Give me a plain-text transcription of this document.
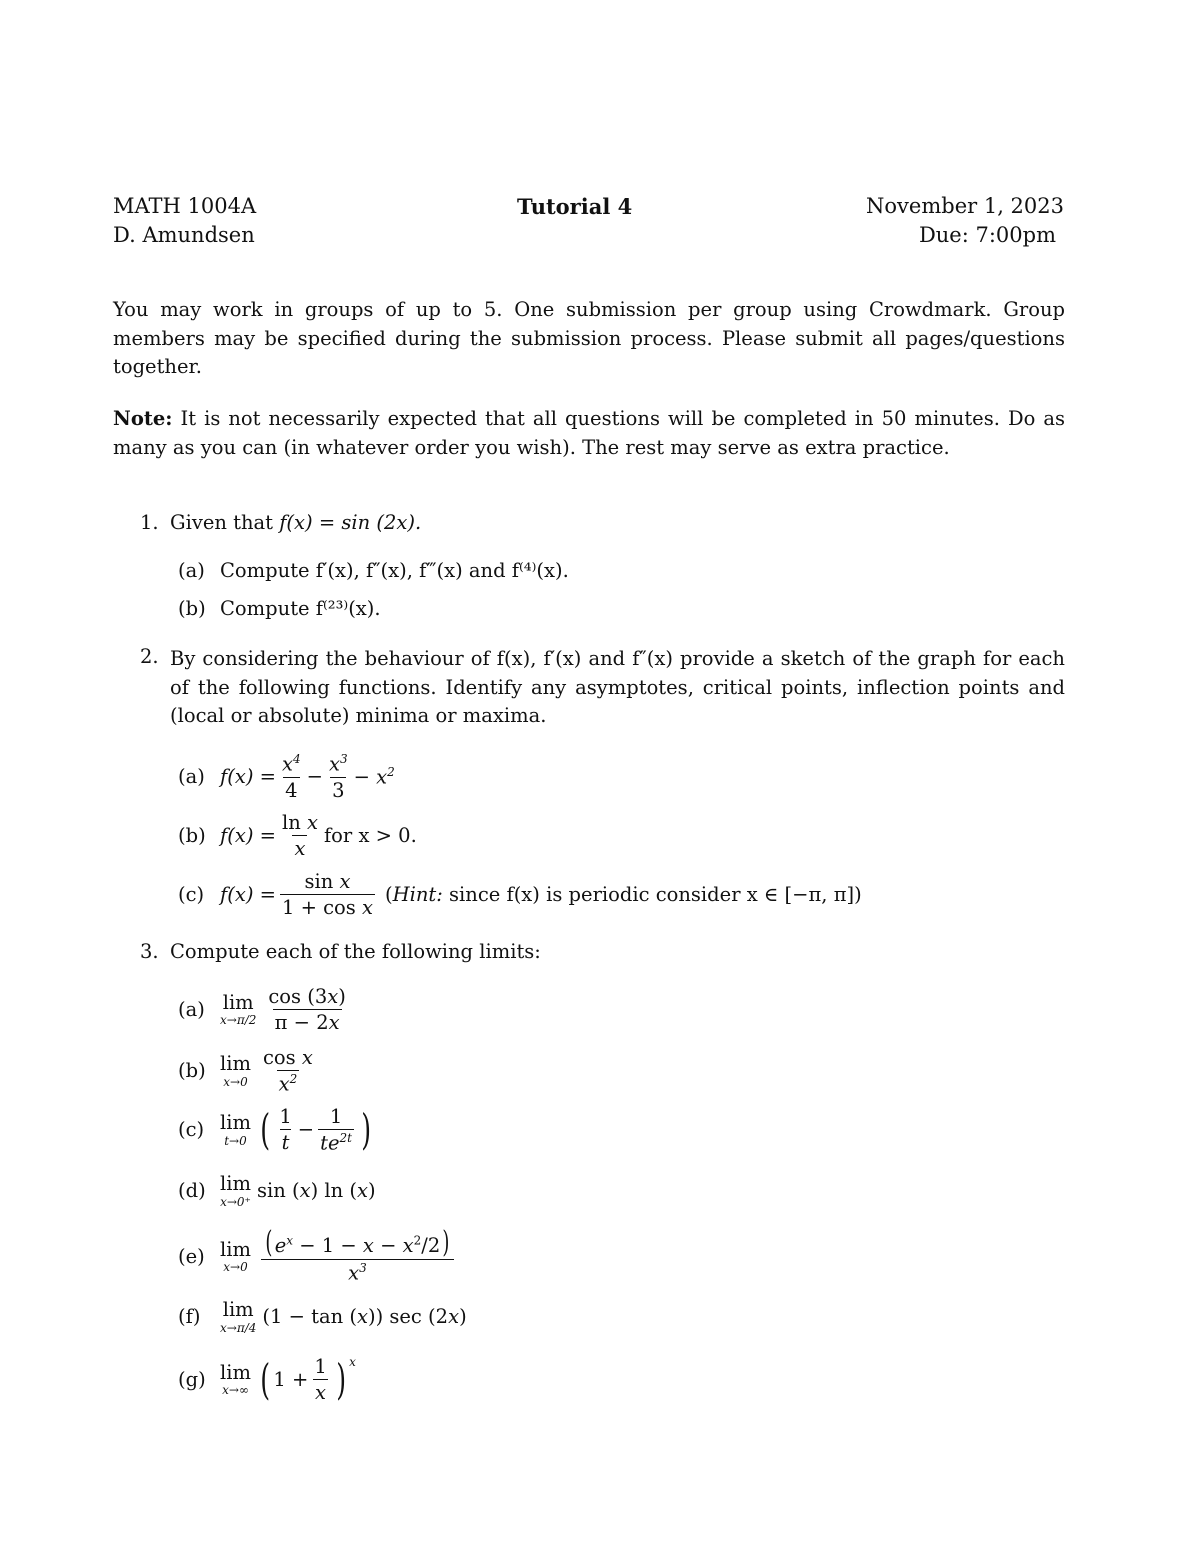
MATH 1004A
D. Amundsen
Tutorial 4	November 1, 2023
Due: 7:00pm
You may work in groups of up to 5. One submission per group using Crowdmark. Group members may be specified during the submission process. Please submit all pages/questions together.
Note: It is not necessarily expected that all questions will be completed in 50 minutes. Do as many as you can (in whatever order you wish). The rest may serve as extra practice.
1. Given that f(x) = sin (2x).
(a) Compute f′(x), f″(x), f‴(x) and f⁽⁴⁾(x).
(b) Compute f⁽²³⁾(x).
2. By considering the behaviour of f(x), f′(x) and f″(x) provide a sketch of the graph for each of the following functions. Identify any asymptotes, critical points, inflection points and (local or absolute) minima or maxima.
(a) $f(x) = \frac{x^4}{4} - \frac{x^3}{3} - x^2$
(b) $f(x) = \frac{\text{ln x}}{x}$ for x > 0.
(c) $f(x) = \frac{\text{sin x}}{\text{1 + cos x}}$ ( Hint:
since f(x) is periodic consider x ∈ [−π, π])
3. Compute each of the following limits:
(a) lim
$x\to\pi/2 \frac{\cos (3x)}{\pi - 2x}$
(b) lim
$x\to 0 \frac{\text{cos x}}{x^2}$
(c) lim
t→0 ( $\frac{1}{t} - \frac{1}{te^{2t}}$ )
(d) lim
x→0⁺ sin (x) ln (x)
(e) lim
$x\to 0 \frac{( e^x - 1 - x - x^2/2)}{x^3}$
(f)	lim
x→π/4 (1 − tan (x)) sec (2x)
(g) lim
x→∞ ( $1 + \frac{1}{x}$ ) $^x$
